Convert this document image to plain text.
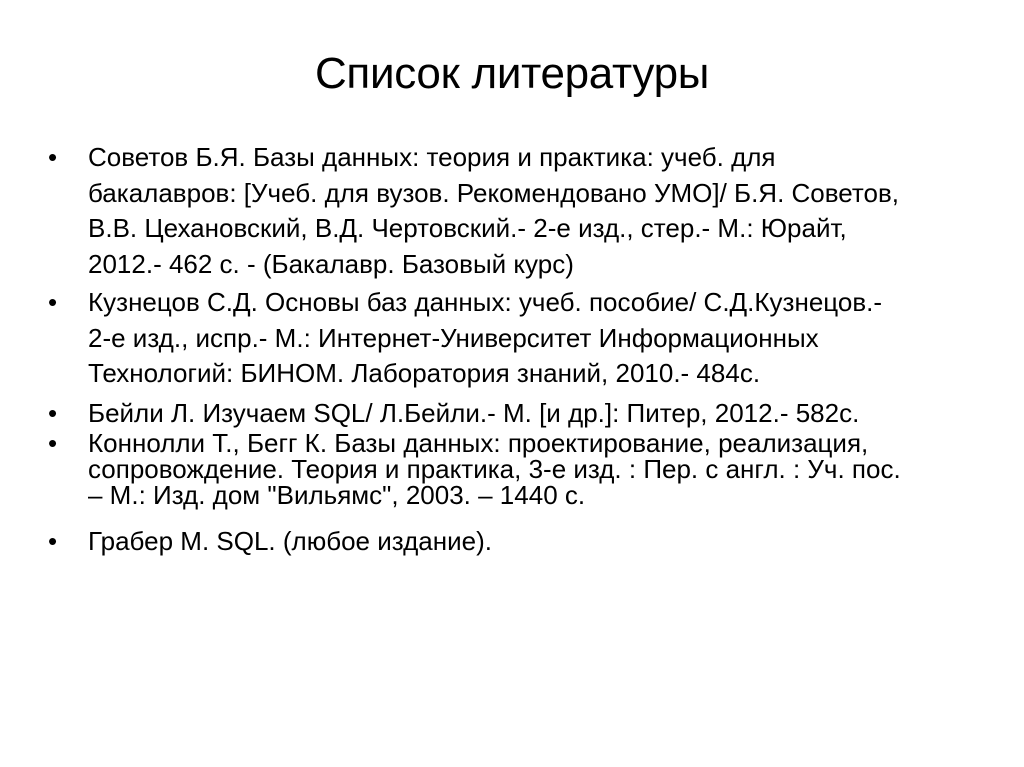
Список литературы
• Советов Б.Я. Базы данных: теория и практика: учеб. для
бакалавров: [Учеб. для вузов. Рекомендовано УМО]/ Б.Я. Советов,
В.В. Цехановский, В.Д. Чертовский.- 2-е изд., стер.- М.: Юрайт,
2012.- 462 с. - (Бакалавр. Базовый курс)
• Кузнецов С.Д. Основы баз данных: учеб. пособие/ С.Д.Кузнецов.-
2-е изд., испр.- М.: Интернет-Университет Информационных
Технологий: БИНОМ. Лаборатория знаний, 2010.- 484с.
• Бейли Л. Изучаем SQL/ Л.Бейли.- М. [и др.]: Питер, 2012.- 582с.
• Коннолли Т., Бегг К. Базы данных: проектирование, реализация,
сопровождение. Теория и практика, 3-е изд. : Пер. с англ. : Уч. пос.
– М.: Изд. дом "Вильямс", 2003. – 1440 с.
• Грабер М. SQL. (любое издание).
